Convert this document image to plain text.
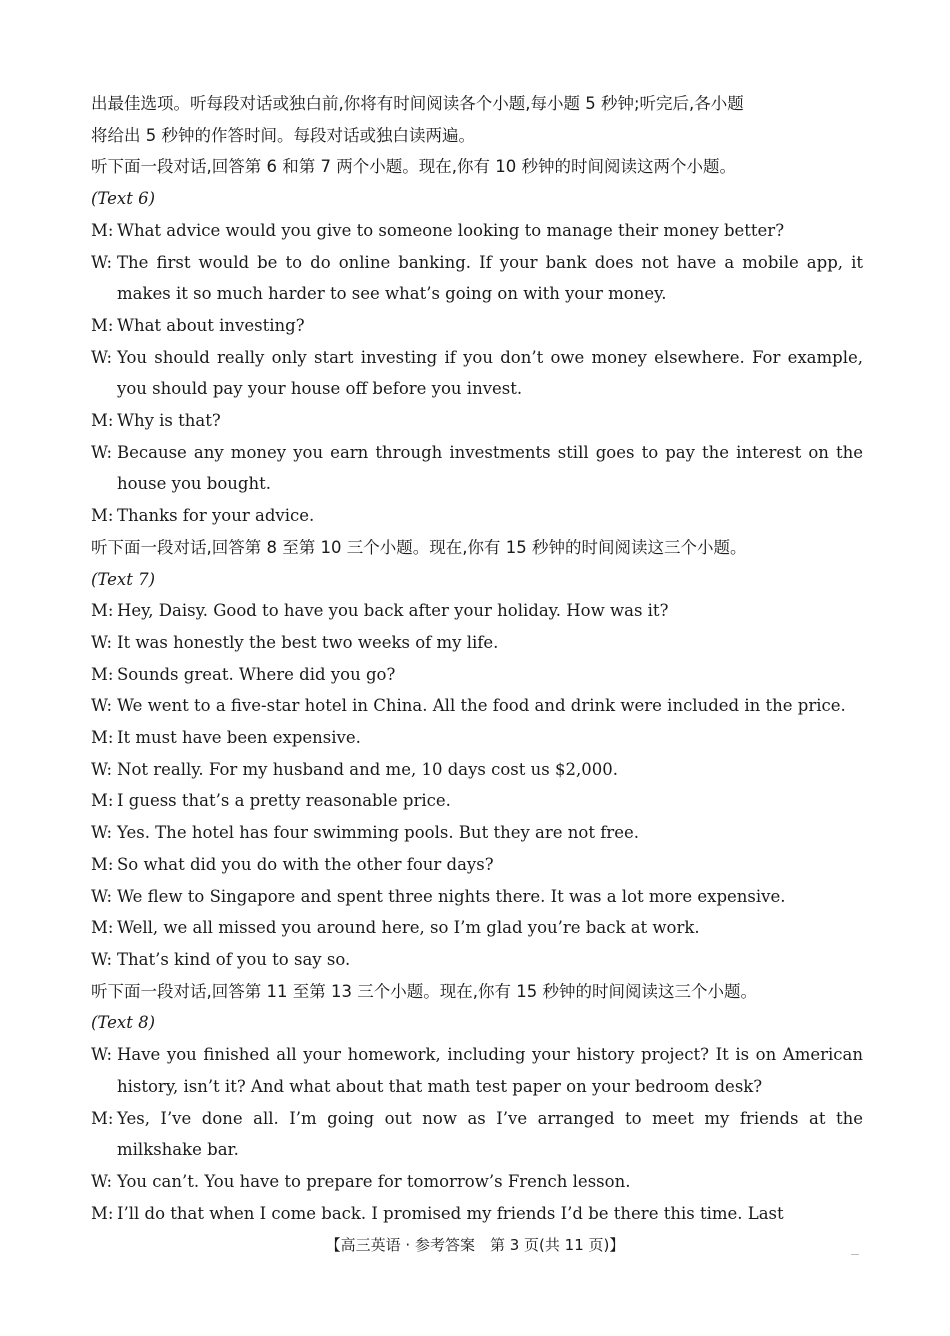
出最佳选项。听每段对话或独白前,你将有时间阅读各个小题,每小题 5 秒钟;听完后,各小题
将给出 5 秒钟的作答时间。每段对话或独白读两遍。
听下面一段对话,回答第 6 和第 7 两个小题。现在,你有 10 秒钟的时间阅读这两个小题。
(Text 6)
M: What advice would you give to someone looking to manage their money better?
W: The first would be to do online banking. If your bank does not have a mobile app, it makes it so much harder to see what’s going on with your money.
M: What about investing?
W: You should really only start investing if you don’t owe money elsewhere. For example, you should pay your house off before you invest.
M: Why is that?
W: Because any money you earn through investments still goes to pay the interest on the house you bought.
M: Thanks for your advice.
听下面一段对话,回答第 8 至第 10 三个小题。现在,你有 15 秒钟的时间阅读这三个小题。
(Text 7)
M: Hey, Daisy. Good to have you back after your holiday. How was it?
W: It was honestly the best two weeks of my life.
M: Sounds great. Where did you go?
W: We went to a five-star hotel in China. All the food and drink were included in the price.
M: It must have been expensive.
W: Not really. For my husband and me, 10 days cost us $2,000.
M: I guess that’s a pretty reasonable price.
W: Yes. The hotel has four swimming pools. But they are not free.
M: So what did you do with the other four days?
W: We flew to Singapore and spent three nights there. It was a lot more expensive.
M: Well, we all missed you around here, so I’m glad you’re back at work.
W: That’s kind of you to say so.
听下面一段对话,回答第 11 至第 13 三个小题。现在,你有 15 秒钟的时间阅读这三个小题。
(Text 8)
W: Have you finished all your homework, including your history project? It is on American history, isn’t it? And what about that math test paper on your bedroom desk?
M: Yes, I’ve done all. I’m going out now as I’ve arranged to meet my friends at the milkshake bar.
W: You can’t. You have to prepare for tomorrow’s French lesson.
M: I’ll do that when I come back. I promised my friends I’d be there this time. Last
【高三英语 · 参考答案　第 3 页(共 11 页)】
